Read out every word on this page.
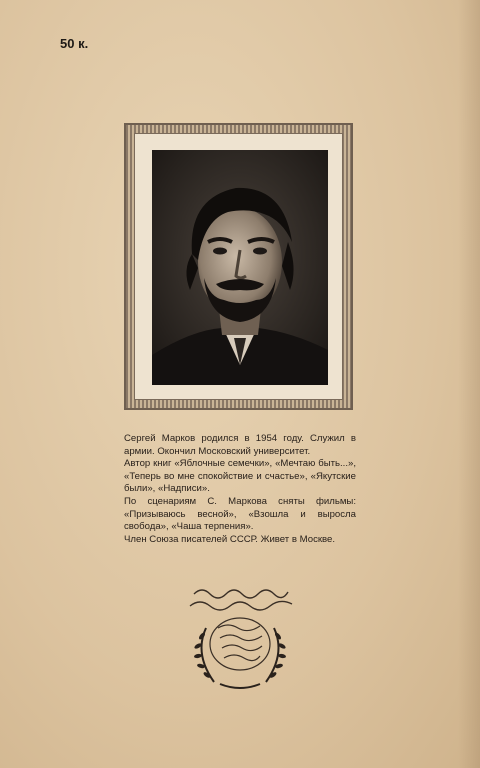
50 к.

Сергей Марков родился в 1954 году. Служил в армии. Окончил Московский университет.

Автор книг «Яблочные семечки», «Мечтаю быть...», «Теперь во мне спокойствие и счастье», «Якутские были», «Надписи».

По сценариям С. Маркова сняты фильмы: «Призываюсь весной», «Взошла и выросла свобода», «Чаша терпения».

Член Союза писателей СССР. Живет в Москве.
